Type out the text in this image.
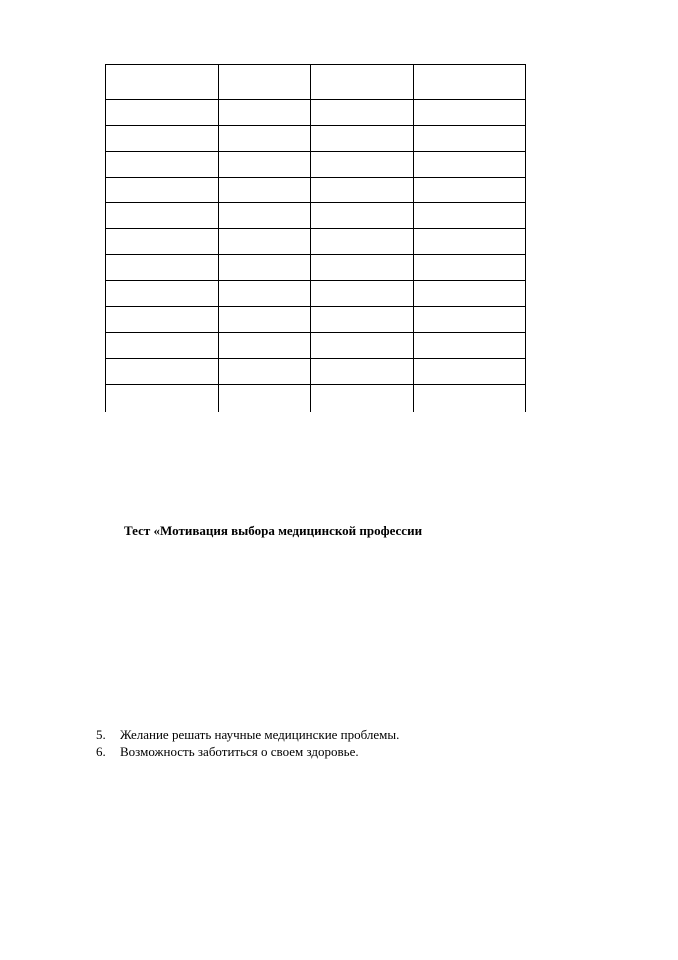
Тест «Мотивация выбора медицинской профессии
5.	Желание решать научные медицинские проблемы.
6.	Возможность заботиться о своем здоровье.
